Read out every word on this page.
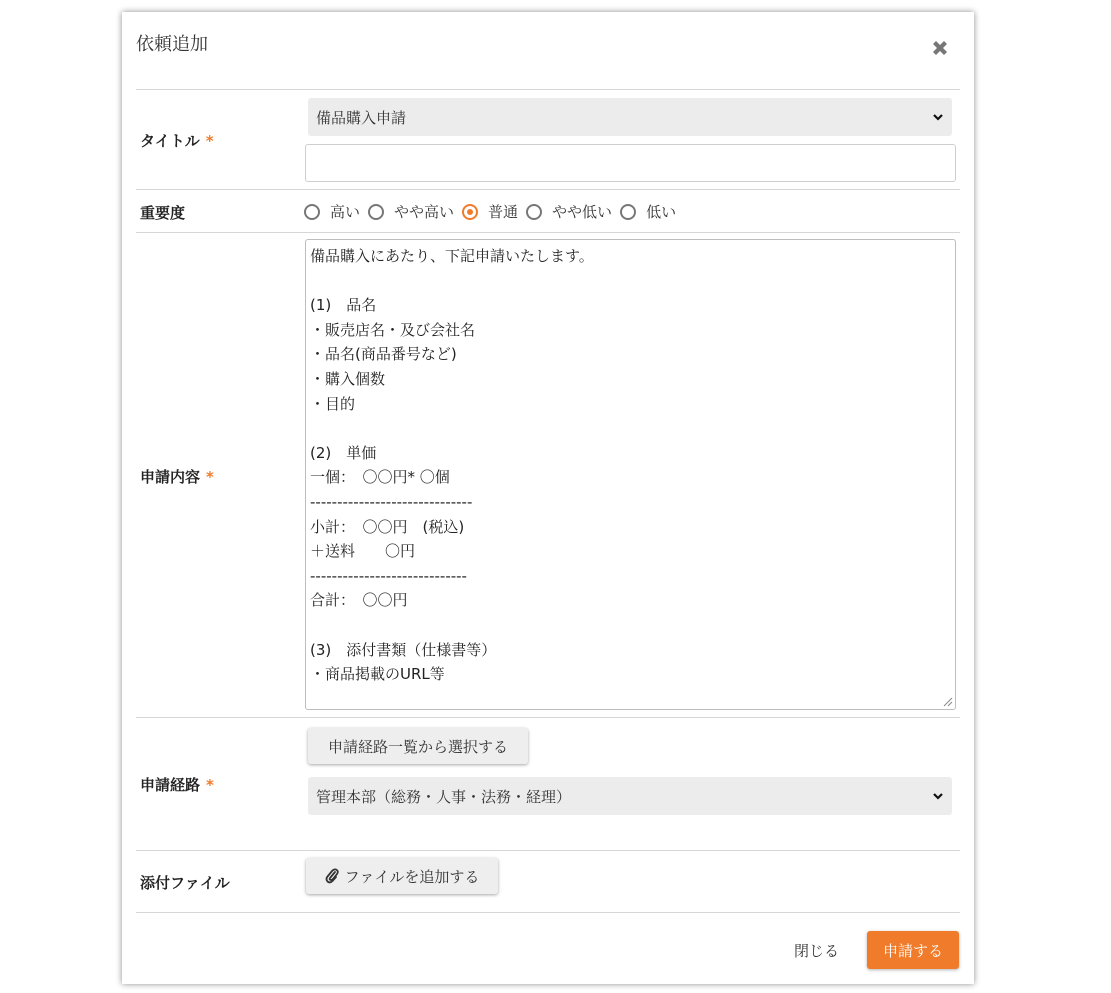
依頼追加
タイトル *
備品購入申請
重要度	高い やや高い 普通 やや低い 低い
申請内容 *
備品購入にあたり、下記申請いたします。

(1)　品名
・販売店名・及び会社名
・品名(商品番号など)
・購入個数
・目的

(2)　単価
一個：　〇〇円* 〇個
------------------------------
小計：　〇〇円　(税込)
＋送料　　〇円
-----------------------------
合計：　〇〇円

(3)　添付書類（仕様書等）
・商品掲載のURL等
申請経路 *
申請経路一覧から選択する
管理本部（総務・人事・法務・経理）
添付ファイル	ファイルを追加する
閉じる	申請する
